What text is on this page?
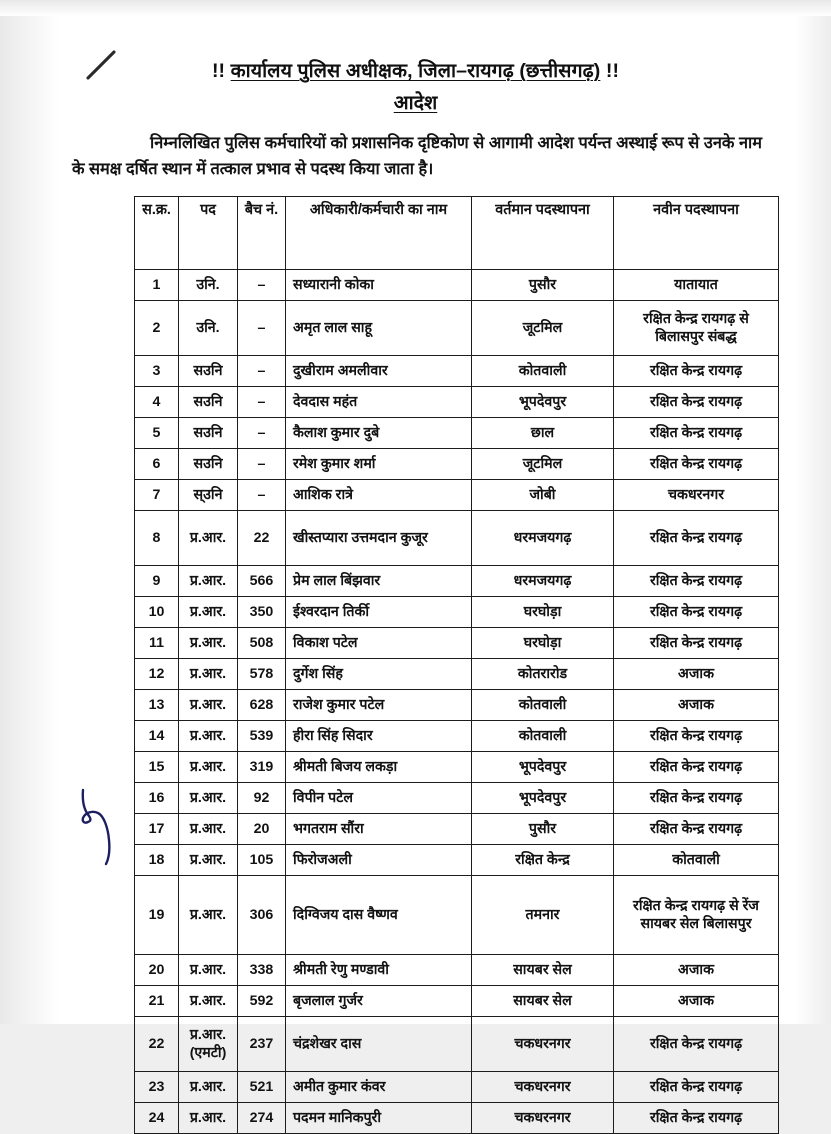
!! कार्यालय पुलिस अधीक्षक, जिला–रायगढ़ (छत्तीसगढ़) !!
आदेश
निम्नलिखित पुलिस कर्मचारियों को प्रशासनिक दृष्टिकोण से आगामी आदेश पर्यन्त अस्थाई रूप से उनके नाम के समक्ष दर्षित स्थान में तत्काल प्रभाव से पदस्थ किया जाता है।
स.क्र.	पद	बैच नं.	अधिकारी/कर्मचारी का नाम	वर्तमान पदस्थापना	नवीन पदस्थापना
1	उनि.	–	सध्यारानी कोका	पुसौर	यातायात
2	उनि.	–	अमृत लाल साहू	जूटमिल	रक्षित केन्द्र रायगढ़ से बिलासपुर संबद्ध
3	सउनि	–	दुखीराम अमलीवार	कोतवाली	रक्षित केन्द्र रायगढ़
4	सउनि	–	देवदास महंत	भूपदेवपुर	रक्षित केन्द्र रायगढ़
5	सउनि	–	कैलाश कुमार दुबे	छाल	रक्षित केन्द्र रायगढ़
6	सउनि	–	रमेश कुमार शर्मा	जूटमिल	रक्षित केन्द्र रायगढ़
7	स्उनि	–	आशिक रात्रे	जोबी	चकधरनगर
8	प्र.आर.	22	खीस्तप्यारा उत्तमदान कुजूर	धरमजयगढ़	रक्षित केन्द्र रायगढ़
9	प्र.आर.	566	प्रेम लाल बिंझवार	धरमजयगढ़	रक्षित केन्द्र रायगढ़
10	प्र.आर.	350	ईश्वरदान तिर्की	घरघोड़ा	रक्षित केन्द्र रायगढ़
11	प्र.आर.	508	विकाश पटेल	घरघोड़ा	रक्षित केन्द्र रायगढ़
12	प्र.आर.	578	दुर्गेश सिंह	कोतरारोड	अजाक
13	प्र.आर.	628	राजेश कुमार पटेल	कोतवाली	अजाक
14	प्र.आर.	539	हीरा सिंह सिदार	कोतवाली	रक्षित केन्द्र रायगढ़
15	प्र.आर.	319	श्रीमती बिजय लकड़ा	भूपदेवपुर	रक्षित केन्द्र रायगढ़
16	प्र.आर.	92	विपीन पटेल	भूपदेवपुर	रक्षित केन्द्र रायगढ़
17	प्र.आर.	20	भगतराम सौंरा	पुसौर	रक्षित केन्द्र रायगढ़
18	प्र.आर.	105	फिरोजअली	रक्षित केन्द्र	कोतवाली
19	प्र.आर.	306	दिग्विजय दास वैष्णव	तमनार	रक्षित केन्द्र रायगढ़ से रेंज सायबर सेल बिलासपुर
20	प्र.आर.	338	श्रीमती रेणु मण्डावी	सायबर सेल	अजाक
21	प्र.आर.	592	बृजलाल गुर्जर	सायबर सेल	अजाक
22	प्र.आर. (एमटी)	237	चंद्रशेखर दास	चकधरनगर	रक्षित केन्द्र रायगढ़
23	प्र.आर.	521	अमीत कुमार कंवर	चकधरनगर	रक्षित केन्द्र रायगढ़
24	प्र.आर.	274	पदमन मानिकपुरी	चकधरनगर	रक्षित केन्द्र रायगढ़
